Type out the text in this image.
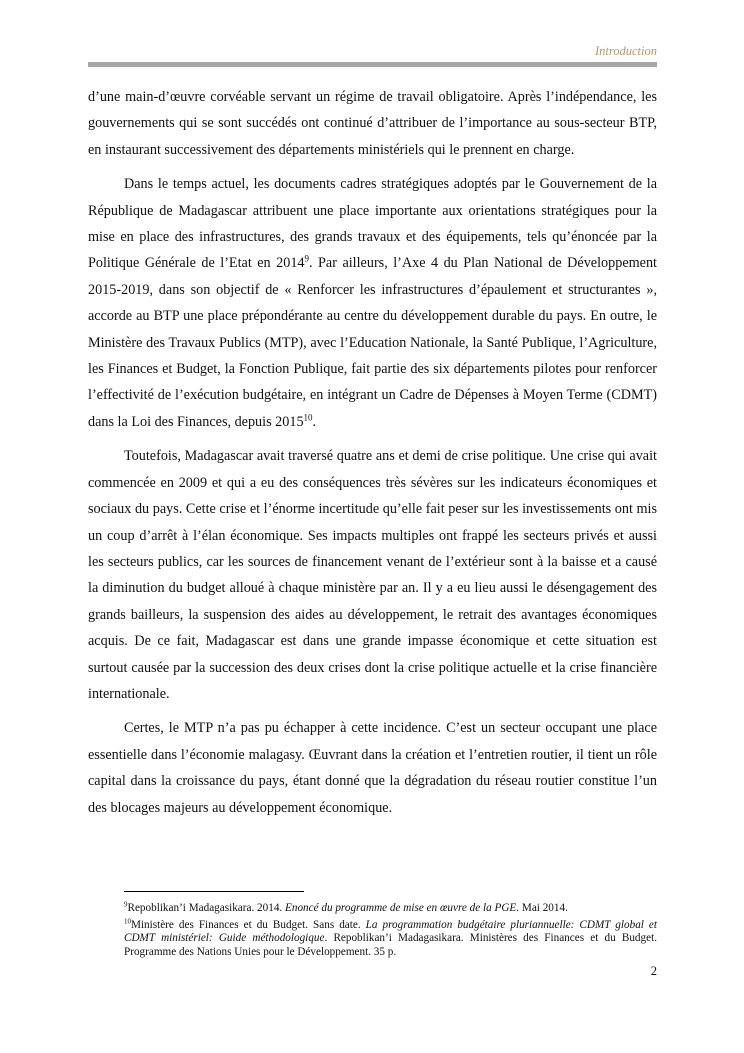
Introduction

d’une main-d’œuvre corvéable servant un régime de travail obligatoire. Après l’indépendance, les gouvernements qui se sont succédés ont continué d’attribuer de l’importance au sous-secteur BTP, en instaurant successivement des départements ministériels qui le prennent en charge.

Dans le temps actuel, les documents cadres stratégiques adoptés par le Gouvernement de la République de Madagascar attribuent une place importante aux orientations stratégiques pour la mise en place des infrastructures, des grands travaux et des équipements, tels qu’énoncée par la Politique Générale de l’Etat en 2014$^9$. Par ailleurs, l’Axe 4 du Plan National de Développement 2015-2019, dans son objectif de « Renforcer les infrastructures d’épaulement et structurantes », accorde au BTP une place prépondérante au centre du développement durable du pays. En outre, le Ministère des Travaux Publics (MTP), avec l’Education Nationale, la Santé Publique, l’Agriculture, les Finances et Budget, la Fonction Publique, fait partie des six départements pilotes pour renforcer l’effectivité de l’exécution budgétaire, en intégrant un Cadre de Dépenses à Moyen Terme (CDMT) dans la Loi des Finances, depuis 2015$^{10}$.

Toutefois, Madagascar avait traversé quatre ans et demi de crise politique. Une crise qui avait commencée en 2009 et qui a eu des conséquences très sévères sur les indicateurs économiques et sociaux du pays. Cette crise et l’énorme incertitude qu’elle fait peser sur les investissements ont mis un coup d’arrêt à l’élan économique. Ses impacts multiples ont frappé les secteurs privés et aussi les secteurs publics, car les sources de financement venant de l’extérieur sont à la baisse et a causé la diminution du budget alloué à chaque ministère par an. Il y a eu lieu aussi le désengagement des grands bailleurs, la suspension des aides au développement, le retrait des avantages économiques acquis. De ce fait, Madagascar est dans une grande impasse économique et cette situation est surtout causée par la succession des deux crises dont la crise politique actuelle et la crise financière internationale.

Certes, le MTP n’a pas pu échapper à cette incidence. C’est un secteur occupant une place essentielle dans l’économie malagasy. Œuvrant dans la création et l’entretien routier, il tient un rôle capital dans la croissance du pays, étant donné que la dégradation du réseau routier constitue l’un des blocages majeurs au développement économique.

$^9$Repoblikan’i Madagasikara. 2014. Enoncé du programme de mise en œuvre de la PGE. Mai 2014.

$^{10}$Ministère des Finances et du Budget. Sans date. La programmation budgétaire pluriannuelle: CDMT global et CDMT ministériel: Guide méthodologique. Repoblikan’i Madagasikara. Ministères des Finances et du Budget. Programme des Nations Unies pour le Développement. 35 p.

2
